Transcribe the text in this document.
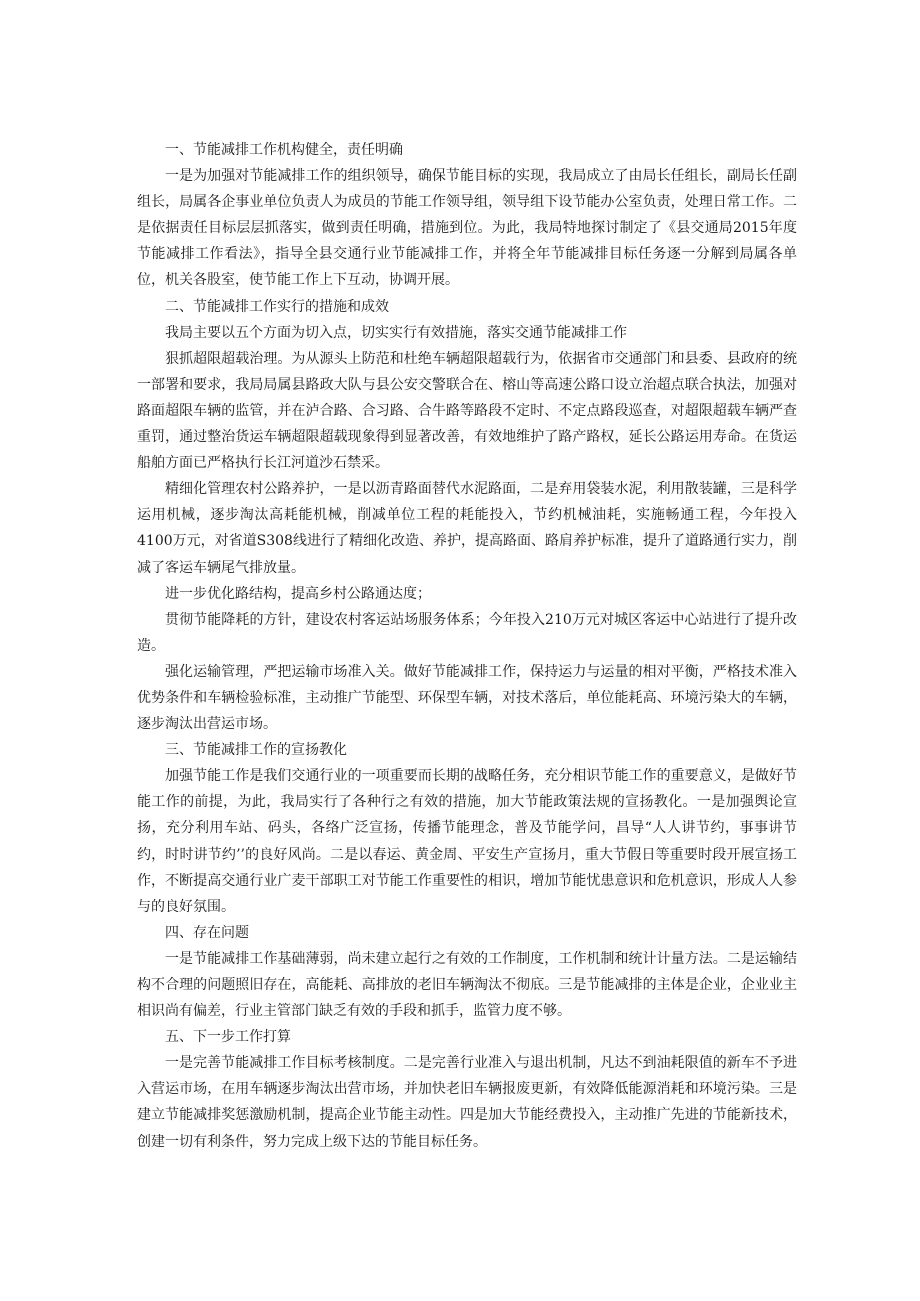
一、节能减排工作机构健全，责任明确

一是为加强对节能减排工作的组织领导，确保节能目标的实现，我局成立了由局长任组长，副局长任副组长，局属各企事业单位负责人为成员的节能工作领导组，领导组下设节能办公室负责，处理日常工作。二是依据责任目标层层抓落实，做到责任明确，措施到位。为此，我局特地探讨制定了《县交通局2015年度节能减排工作看法》，指导全县交通行业节能减排工作，并将全年节能减排目标任务逐一分解到局属各单位，机关各股室，使节能工作上下互动，协调开展。

二、节能减排工作实行的措施和成效

我局主要以五个方面为切入点，切实实行有效措施，落实交通节能减排工作

狠抓超限超载治理。为从源头上防范和杜绝车辆超限超载行为，依据省市交通部门和县委、县政府的统一部署和要求，我局局属县路政大队与县公安交警联合在、榕山等高速公路口设立治超点联合执法，加强对路面超限车辆的监管，并在泸合路、合习路、合牛路等路段不定时、不定点路段巡查，对超限超载车辆严查重罚，通过整治货运车辆超限超载现象得到显著改善，有效地维护了路产路权，延长公路运用寿命。在货运船舶方面已严格执行长江河道沙石禁采。

精细化管理农村公路养护，一是以沥青路面替代水泥路面，二是弃用袋装水泥，利用散装罐，三是科学运用机械，逐步淘汰高耗能机械，削减单位工程的耗能投入，节约机械油耗，实施畅通工程，今年投入4100万元，对省道S308线进行了精细化改造、养护，提高路面、路肩养护标准，提升了道路通行实力，削减了客运车辆尾气排放量。

进一步优化路结构，提高乡村公路通达度；

贯彻节能降耗的方针，建设农村客运站场服务体系；今年投入210万元对城区客运中心站进行了提升改造。

强化运输管理，严把运输市场准入关。做好节能减排工作，保持运力与运量的相对平衡，严格技术准入优势条件和车辆检验标准，主动推广节能型、环保型车辆，对技术落后，单位能耗高、环境污染大的车辆，逐步淘汰出营运市场。

三、节能减排工作的宣扬教化

加强节能工作是我们交通行业的一项重要而长期的战略任务，充分相识节能工作的重要意义，是做好节能工作的前提，为此，我局实行了各种行之有效的措施，加大节能政策法规的宣扬教化。一是加强舆论宣扬，充分利用车站、码头，各络广泛宣扬，传播节能理念，普及节能学问，昌导“人人讲节约，事事讲节约，时时讲节约’’的良好风尚。二是以春运、黄金周、平安生产宣扬月，重大节假日等重要时段开展宣扬工作，不断提高交通行业广麦干部职工对节能工作重要性的相识，增加节能忧患意识和危机意识，形成人人参与的良好氛围。

四、存在问题

一是节能减排工作基础薄弱，尚未建立起行之有效的工作制度，工作机制和统计计量方法。二是运输结构不合理的问题照旧存在，高能耗、高排放的老旧车辆淘汰不彻底。三是节能减排的主体是企业，企业业主相识尚有偏差，行业主管部门缺乏有效的手段和抓手，监管力度不够。

五、下一步工作打算

一是完善节能减排工作目标考核制度。二是完善行业准入与退出机制，凡达不到油耗限值的新车不予进入营运市场，在用车辆逐步淘汰出营市场，并加快老旧车辆报废更新，有效降低能源消耗和环境污染。三是建立节能减排奖惩激励机制，提高企业节能主动性。四是加大节能经费投入，主动推广先进的节能新技术，创建一切有利条件，努力完成上级下达的节能目标任务。
